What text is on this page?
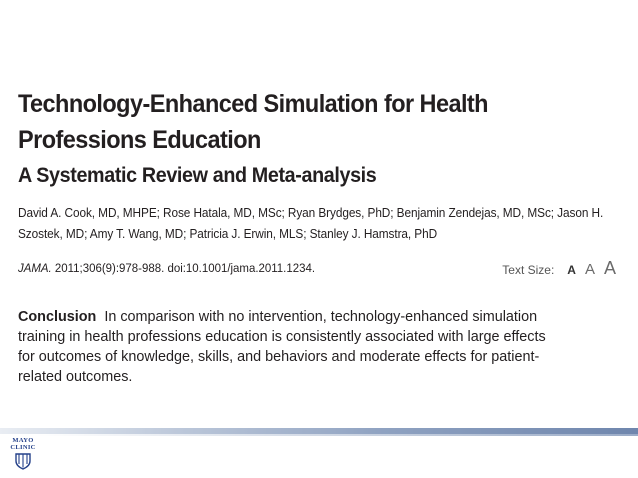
Technology-Enhanced Simulation for Health
Professions Education
A Systematic Review and Meta-analysis
David A. Cook, MD, MHPE; Rose Hatala, MD, MSc; Ryan Brydges, PhD; Benjamin Zendejas, MD, MSc; Jason H.
Szostek, MD; Amy T. Wang, MD; Patricia J. Erwin, MLS; Stanley J. Hamstra, PhD
JAMA. 2011;306(9):978-988. doi:10.1001/jama.2011.1234.	Text Size: A A A
Conclusion In comparison with no intervention, technology-enhanced simulation
training in health professions education is consistently associated with large effects
for outcomes of knowledge, skills, and behaviors and moderate effects for patient-
related outcomes.
MAYO
CLINIC
